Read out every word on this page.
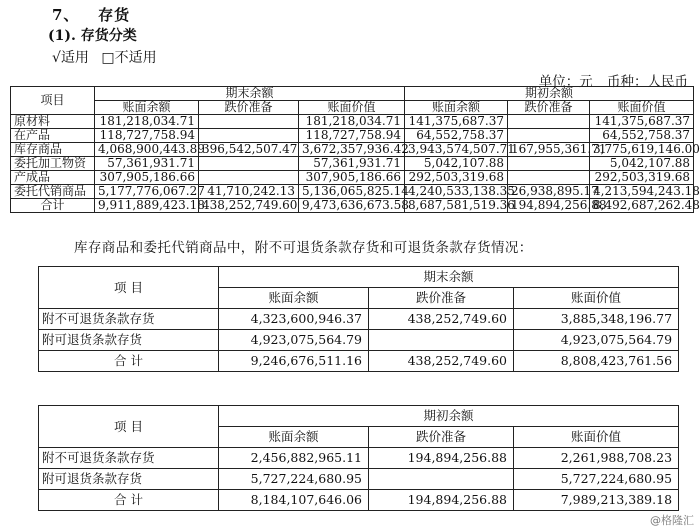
7、 存货
(1). 存货分类
√适用 □不适用
单位：元 币种：人民币
项目	期末余额			期初余额		
	账面余额	跌价准备	账面价值	账面余额	跌价准备	账面价值
原材料	181,218,034.71		181,218,034.71	141,375,687.37		141,375,687.37
在产品	118,727,758.94		118,727,758.94	64,552,758.37		64,552,758.37
库存商品	4,068,900,443.89	396,542,507.47	3,672,357,936.42	3,943,574,507.71	167,955,361.71	3,775,619,146.00
委托加工物资	57,361,931.71		57,361,931.71	5,042,107.88		5,042,107.88
产成品	307,905,186.66		307,905,186.66	292,503,319.68		292,503,319.68
委托代销商品	5,177,776,067.27	41,710,242.13	5,136,065,825.14	4,240,533,138.35	26,938,895.17	4,213,594,243.18
合计	9,911,889,423.18	438,252,749.60	9,473,636,673.58	8,687,581,519.36	194,894,256.88	8,492,687,262.48
库存商品和委托代销商品中，附不可退货条款存货和可退货条款存货情况：
项 目	期末余额		
	账面余额	跌价准备	账面价值
附不可退货条款存货	4,323,600,946.37	438,252,749.60	3,885,348,196.77
附可退货条款存货	4,923,075,564.79		4,923,075,564.79
合 计	9,246,676,511.16	438,252,749.60	8,808,423,761.56
项 目	期初余额		
	账面余额	跌价准备	账面价值
附不可退货条款存货	2,456,882,965.11	194,894,256.88	2,261,988,708.23
附可退货条款存货	5,727,224,680.95		5,727,224,680.95
合 计	8,184,107,646.06	194,894,256.88	7,989,213,389.18
@格隆汇
